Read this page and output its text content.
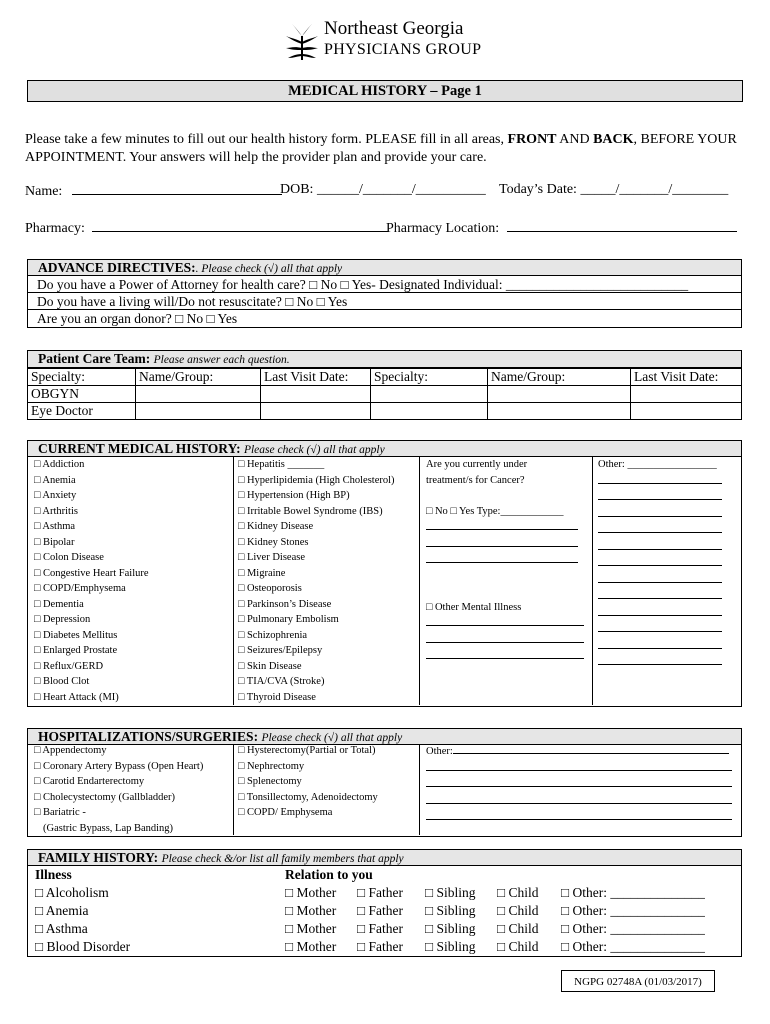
Northeast Georgia
PHYSICIANS GROUP
MEDICAL HISTORY – Page 1
Please take a few minutes to fill out our health history form. PLEASE fill in all areas, FRONT AND BACK, BEFORE YOUR APPOINTMENT. Your answers will help the provider plan and provide your care.
Name:	DOB: ______/_______/__________ Today’s Date: _____/_______/________
Pharmacy:	Pharmacy Location:
ADVANCE DIRECTIVES:. Please check (√) all that apply
Do you have a Power of Attorney for health care? □ No □ Yes- Designated Individual: ___________________________
Do you have a living will/Do not resuscitate? □ No □ Yes
Are you an organ donor? □ No □ Yes
Patient Care Team: Please answer each question.
Specialty:	Name/Group:	Last Visit Date:	Specialty:	Name/Group:	Last Visit Date:
OBGYN					
Eye Doctor					
CURRENT MEDICAL HISTORY: Please check (√) all that apply
□ Addiction
□ Anemia
□ Anxiety
□ Arthritis
□ Asthma
□ Bipolar
□ Colon Disease
□ Congestive Heart Failure
□ COPD/Emphysema
□ Dementia
□ Depression
□ Diabetes Mellitus
□ Enlarged Prostate
□ Reflux/GERD
□ Blood Clot
□ Heart Attack (MI)
□ Hepatitis _______
□ Hyperlipidemia (High Cholesterol)
□ Hypertension (High BP)
□ Irritable Bowel Syndrome (IBS)
□ Kidney Disease
□ Kidney Stones
□ Liver Disease
□ Migraine
□ Osteoporosis
□ Parkinson’s Disease
□ Pulmonary Embolism
□ Schizophrenia
□ Seizures/Epilepsy
□ Skin Disease
□ TIA/CVA (Stroke)
□ Thyroid Disease
Are you currently under
treatment/s for Cancer?

□ No □ Yes Type:____________

□ Other Mental Illness
Other: _________________
HOSPITALIZATIONS/SURGERIES: Please check (√) all that apply
□ Appendectomy
□ Coronary Artery Bypass (Open Heart)
□ Carotid Endarterectomy
□ Cholecystectomy (Gallbladder)
□ Bariatric -
(Gastric Bypass, Lap Banding)
□ Hysterectomy(Partial or Total)
□ Nephrectomy
□ Splenectomy
□ Tonsillectomy, Adenoidectomy
□ COPD/ Emphysema
Other:
FAMILY HISTORY: Please check &/or list all family members that apply
Illness	Relation to you				
□ Alcoholism	□ Mother	□ Father	□ Sibling	□ Child	□ Other: ______________
□ Anemia	□ Mother	□ Father	□ Sibling	□ Child	□ Other: ______________
□ Asthma	□ Mother	□ Father	□ Sibling	□ Child	□ Other: ______________
□ Blood Disorder	□ Mother	□ Father	□ Sibling	□ Child	□ Other: ______________
NGPG 02748A (01/03/2017)
